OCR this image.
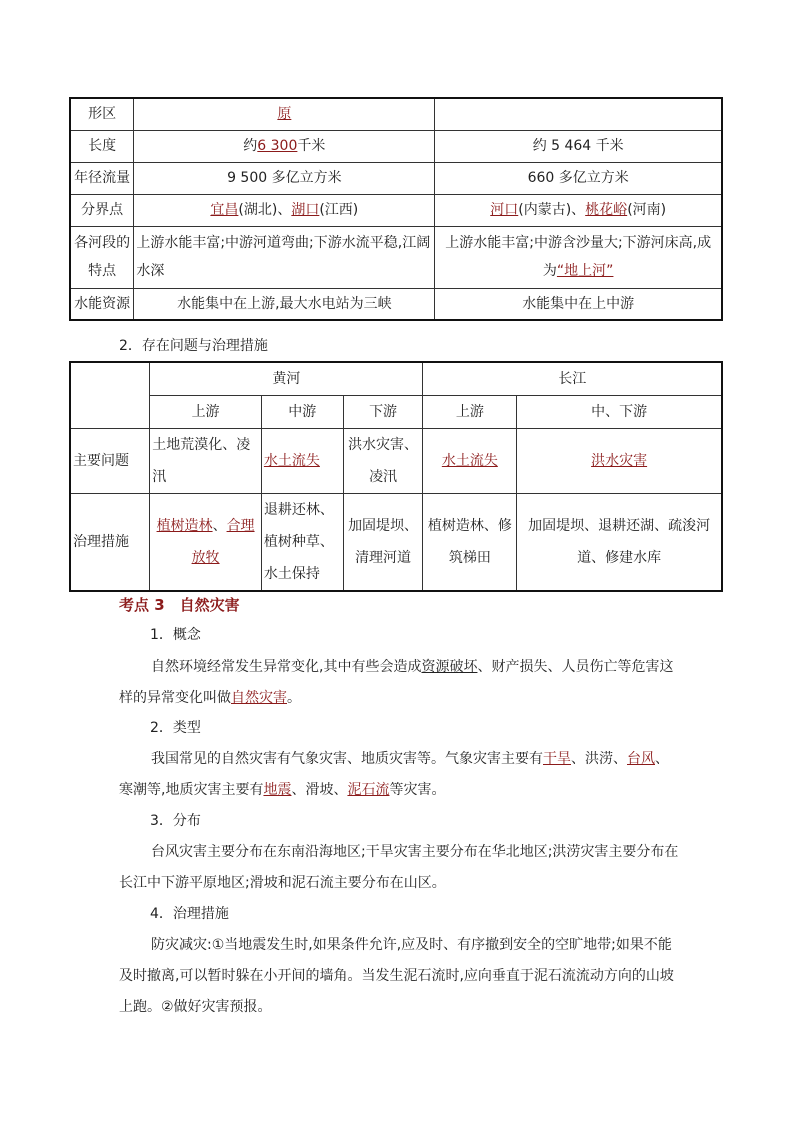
形区	原	
长度	约6 300千米	约 5 464 千米
年径流量	9 500 多亿立方米	660 多亿立方米
分界点	宜昌(湖北)、湖口(江西)	河口(内蒙古)、桃花峪(河南)
各河段的特点	上游水能丰富;中游河道弯曲;下游水流平稳,江阔水深	上游水能丰富;中游含沙量大;下游河床高,成为“地上河”
水能资源	水能集中在上游,最大水电站为三峡	水能集中在上中游
2．存在问题与治理措施
	黄河			长江	
	上游	中游	下游	上游	中、下游
主要问题	土地荒漠化、凌汛	水土流失	洪水灾害、凌汛	水土流失	洪水灾害
治理措施	植树造林、合理放牧	退耕还林、植树种草、水土保持	加固堤坝、清理河道	植树造林、修筑梯田	加固堤坝、退耕还湖、疏浚河道、修建水库
考点 3　自然灾害
1．概念
自然环境经常发生异常变化,其中有些会造成资源破坏、财产损失、人员伤亡等危害这样的异常变化叫做自然灾害。
2．类型
我国常见的自然灾害有气象灾害、地质灾害等。气象灾害主要有干旱、洪涝、台风、寒潮等,地质灾害主要有地震、滑坡、泥石流等灾害。
3．分布
台风灾害主要分布在东南沿海地区;干旱灾害主要分布在华北地区;洪涝灾害主要分布在长江中下游平原地区;滑坡和泥石流主要分布在山区。
4．治理措施
防灾减灾:①当地震发生时,如果条件允许,应及时、有序撤到安全的空旷地带;如果不能及时撤离,可以暂时躲在小开间的墙角。当发生泥石流时,应向垂直于泥石流流动方向的山坡上跑。②做好灾害预报。
